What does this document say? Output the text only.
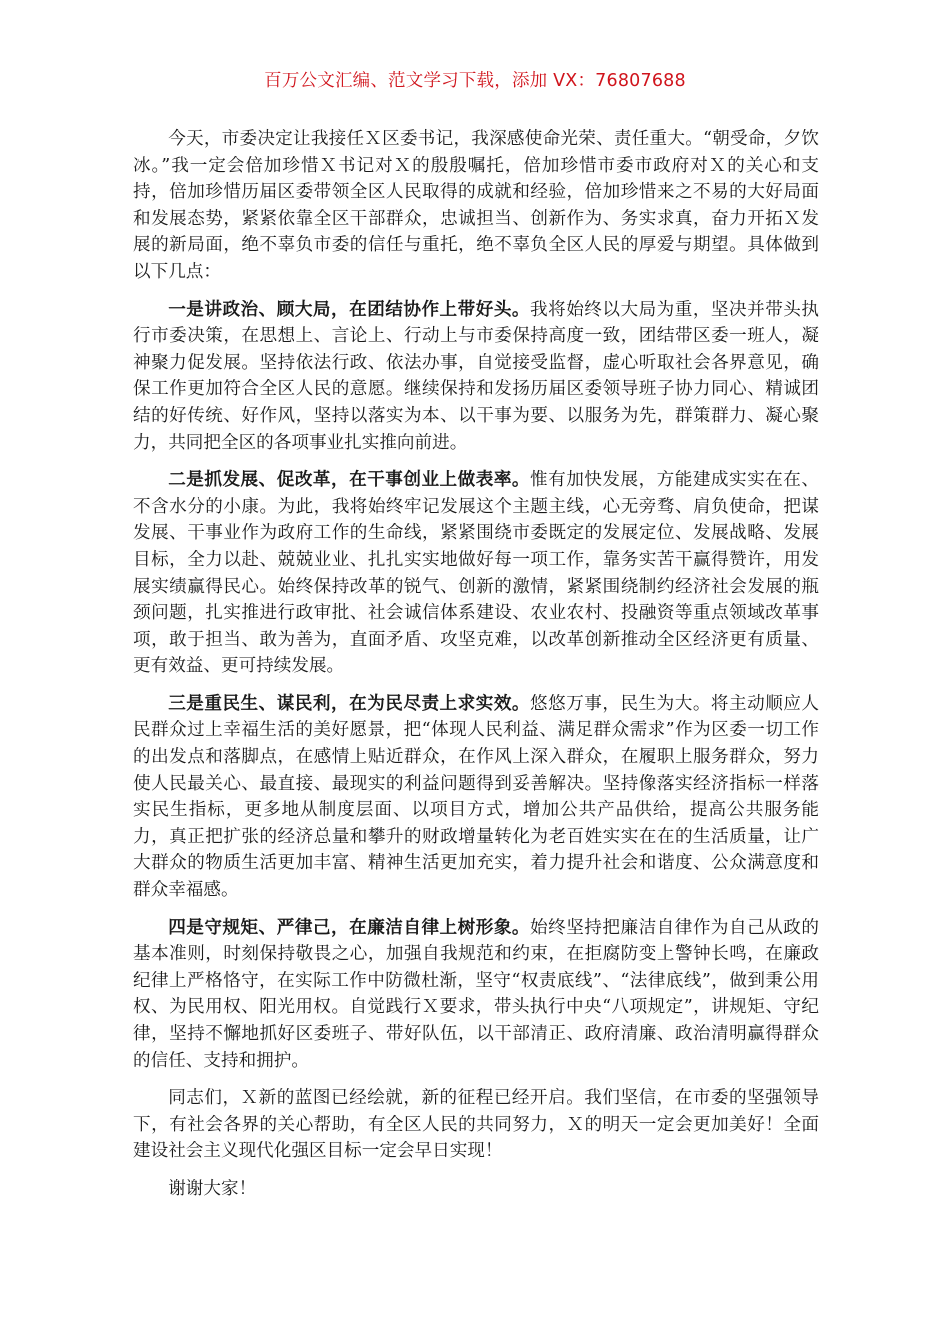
百万公文汇编、范文学习下载，添加 VX：76807688

今天，市委决定让我接任Ｘ区委书记，我深感使命光荣、责任重大。“朝受命，夕饮冰。”我一定会倍加珍惜Ｘ书记对Ｘ的殷殷嘱托，倍加珍惜市委市政府对Ｘ的关心和支持，倍加珍惜历届区委带领全区人民取得的成就和经验，倍加珍惜来之不易的大好局面和发展态势，紧紧依靠全区干部群众，忠诚担当、创新作为、务实求真，奋力开拓Ｘ发展的新局面，绝不辜负市委的信任与重托，绝不辜负全区人民的厚爱与期望。具体做到以下几点：

一是讲政治、顾大局，在团结协作上带好头。我将始终以大局为重，坚决并带头执行市委决策，在思想上、言论上、行动上与市委保持高度一致，团结带区委一班人，凝神聚力促发展。坚持依法行政、依法办事，自觉接受监督，虚心听取社会各界意见，确保工作更加符合全区人民的意愿。继续保持和发扬历届区委领导班子协力同心、精诚团结的好传统、好作风，坚持以落实为本、以干事为要、以服务为先，群策群力、凝心聚力，共同把全区的各项事业扎实推向前进。

二是抓发展、促改革，在干事创业上做表率。惟有加快发展，方能建成实实在在、不含水分的小康。为此，我将始终牢记发展这个主题主线，心无旁骛、肩负使命，把谋发展、干事业作为政府工作的生命线，紧紧围绕市委既定的发展定位、发展战略、发展目标，全力以赴、兢兢业业、扎扎实实地做好每一项工作，靠务实苦干赢得赞许，用发展实绩赢得民心。始终保持改革的锐气、创新的激情，紧紧围绕制约经济社会发展的瓶颈问题，扎实推进行政审批、社会诚信体系建设、农业农村、投融资等重点领域改革事项，敢于担当、敢为善为，直面矛盾、攻坚克难，以改革创新推动全区经济更有质量、更有效益、更可持续发展。

三是重民生、谋民利，在为民尽责上求实效。悠悠万事，民生为大。将主动顺应人民群众过上幸福生活的美好愿景，把“体现人民利益、满足群众需求”作为区委一切工作的出发点和落脚点，在感情上贴近群众，在作风上深入群众，在履职上服务群众，努力使人民最关心、最直接、最现实的利益问题得到妥善解决。坚持像落实经济指标一样落实民生指标，更多地从制度层面、以项目方式，增加公共产品供给，提高公共服务能力，真正把扩张的经济总量和攀升的财政增量转化为老百姓实实在在的生活质量，让广大群众的物质生活更加丰富、精神生活更加充实，着力提升社会和谐度、公众满意度和群众幸福感。

四是守规矩、严律己，在廉洁自律上树形象。始终坚持把廉洁自律作为自己从政的基本准则，时刻保持敬畏之心，加强自我规范和约束，在拒腐防变上警钟长鸣，在廉政纪律上严格恪守，在实际工作中防微杜渐，坚守“权责底线”、“法律底线”，做到秉公用权、为民用权、阳光用权。自觉践行Ｘ要求，带头执行中央“八项规定”，讲规矩、守纪律，坚持不懈地抓好区委班子、带好队伍，以干部清正、政府清廉、政治清明赢得群众的信任、支持和拥护。

同志们，Ｘ新的蓝图已经绘就，新的征程已经开启。我们坚信，在市委的坚强领导下，有社会各界的关心帮助，有全区人民的共同努力，Ｘ的明天一定会更加美好！全面建设社会主义现代化强区目标一定会早日实现！

谢谢大家！
